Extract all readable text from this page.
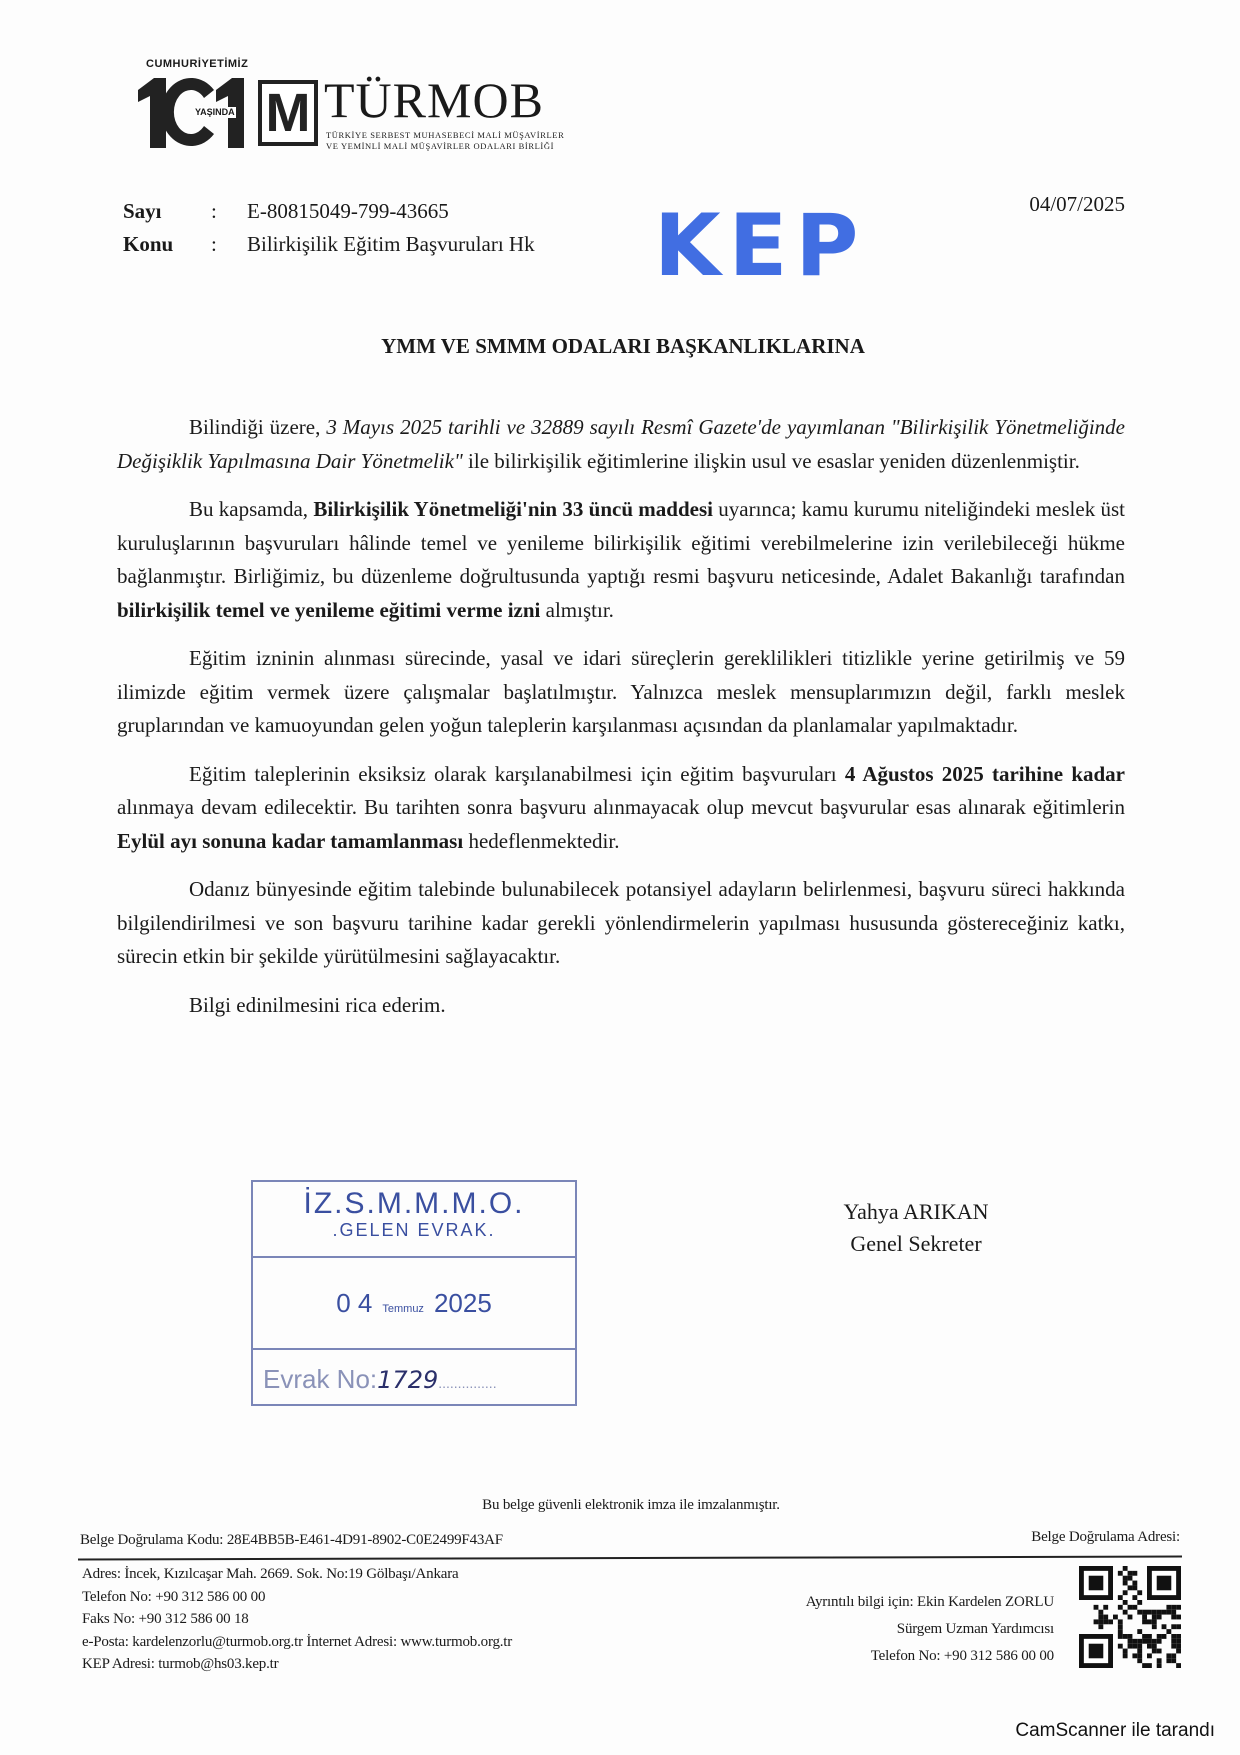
CUMHURİYETİMİZ
YAŞINDA M TÜRMOB
TÜRKİYE SERBEST MUHASEBECİ MALİ MÜŞAVİRLER
VE YEMİNLİ MALİ MÜŞAVİRLER ODALARI BİRLİĞİ
Sayı : E-80815049-799-43665
Konu : Bilirkişilik Eğitim Başvuruları Hk KEP	04/07/2025
YMM VE SMMM ODALARI BAŞKANLIKLARINA

Bilindiği üzere, 3 Mayıs 2025 tarihli ve 32889 sayılı Resmî Gazete'de yayımlanan "Bilirkişilik Yönetmeliğinde Değişiklik Yapılmasına Dair Yönetmelik" ile bilirkişilik eğitimlerine ilişkin usul ve esaslar yeniden düzenlenmiştir.

Bu kapsamda, Bilirkişilik Yönetmeliği'nin 33 üncü maddesi uyarınca; kamu kurumu niteliğindeki meslek üst kuruluşlarının başvuruları hâlinde temel ve yenileme bilirkişilik eğitimi verebilmelerine izin verilebileceği hükme bağlanmıştır. Birliğimiz, bu düzenleme doğrultusunda yaptığı resmi başvuru neticesinde, Adalet Bakanlığı tarafından bilirkişilik temel ve yenileme eğitimi verme izni almıştır.

Eğitim izninin alınması sürecinde, yasal ve idari süreçlerin gereklilikleri titizlikle yerine getirilmiş ve 59 ilimizde eğitim vermek üzere çalışmalar başlatılmıştır. Yalnızca meslek mensuplarımızın değil, farklı meslek gruplarından ve kamuoyundan gelen yoğun taleplerin karşılanması açısından da planlamalar yapılmaktadır.

Eğitim taleplerinin eksiksiz olarak karşılanabilmesi için eğitim başvuruları 4 Ağustos 2025 tarihine kadar alınmaya devam edilecektir. Bu tarihten sonra başvuru alınmayacak olup mevcut başvurular esas alınarak eğitimlerin Eylül ayı sonuna kadar tamamlanması hedeflenmektedir.

Odanız bünyesinde eğitim talebinde bulunabilecek potansiyel adayların belirlenmesi, başvuru süreci hakkında bilgilendirilmesi ve son başvuru tarihine kadar gerekli yönlendirmelerin yapılması hususunda göstereceğiniz katkı, sürecin etkin bir şekilde yürütülmesini sağlayacaktır.

Bilgi edinilmesini rica ederim.

İZ.S.M.M.M.O.
.GELEN EVRAK.
0 4 Temmuz 2025
Evrak No:1729...............
Yahya ARIKAN
Genel Sekreter
Bu belge güvenli elektronik imza ile imzalanmıştır.
Belge Doğrulama Kodu: 28E4BB5B-E461-4D91-8902-C0E2499F43AF	Belge Doğrulama Adresi:
Adres: İncek, Kızılcaşar Mah. 2669. Sok. No:19 Gölbaşı/Ankara
Telefon No: +90 312 586 00 00
Faks No: +90 312 586 00 18
e-Posta: kardelenzorlu@turmob.org.tr İnternet Adresi: www.turmob.org.tr
KEP Adresi: turmob@hs03.kep.tr
Ayrıntılı bilgi için: Ekin Kardelen ZORLU
Sürgem Uzman Yardımcısı
Telefon No: +90 312 586 00 00
CamScanner ile tarandı
